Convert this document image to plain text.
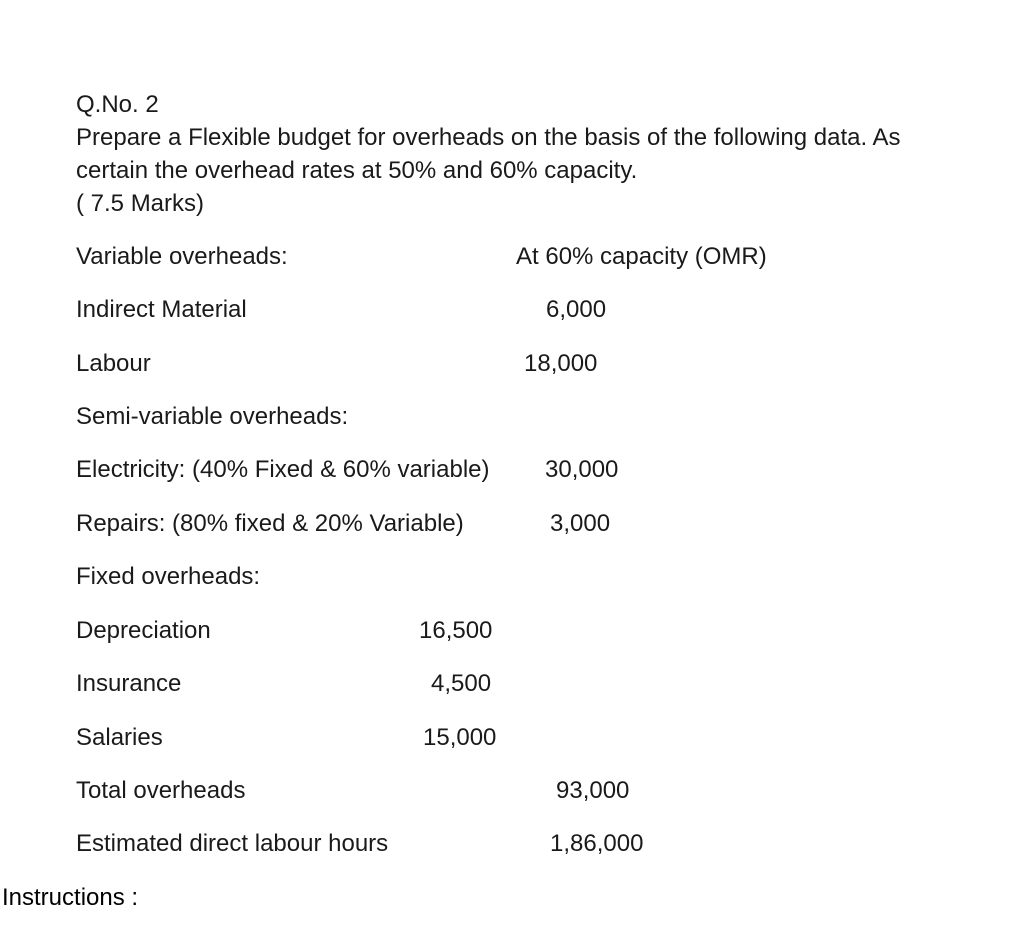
Q.No. 2
Prepare a Flexible budget for overheads on the basis of the following data. As
certain the overhead rates at 50% and 60% capacity.
( 7.5 Marks)
Variable overheads:	At 60% capacity (OMR)
Indirect Material	6,000
Labour	18,000
Semi-variable overheads:
Electricity: (40% Fixed & 60% variable) 30,000
Repairs: (80% fixed & 20% Variable)	3,000
Fixed overheads:
Depreciation	16,500
Insurance	4,500
Salaries	15,000
Total overheads	93,000
Estimated direct labour hours	1,86,000
Instructions :
